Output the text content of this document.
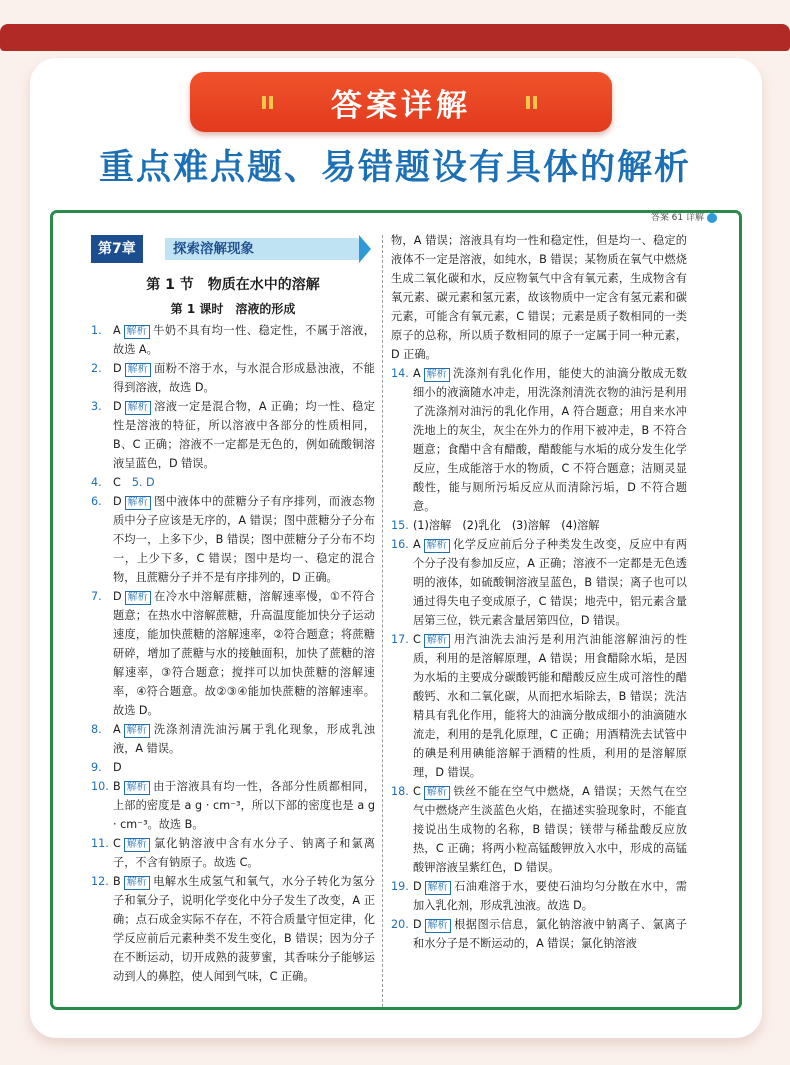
答案详解
重点难点题、易错题设有具体的解析
答案 61 详解
第7章	探索溶解现象
第 1 节　物质在水中的溶解
第 1 课时　溶液的形成
1.	A 解析 牛奶不具有均一性、稳定性，不属于溶液，故选 A。
2.	D 解析 面粉不溶于水，与水混合形成悬浊液，不能得到溶液，故选 D。
3.	D 解析 溶液一定是混合物，A 正确；均一性、稳定性是溶液的特征，所以溶液中各部分的性质相同，B、C 正确；溶液不一定都是无色的，例如硫酸铜溶液呈蓝色，D 错误。
4.	C 5. D
6.	D 解析 图中液体中的蔗糖分子有序排列，而液态物质中分子应该是无序的，A 错误；图中蔗糖分子分布不均一，上多下少，B 错误；图中蔗糖分子分布不均一，上少下多，C 错误；图中是均一、稳定的混合物，且蔗糖分子并不是有序排列的，D 正确。
7.	D 解析 在冷水中溶解蔗糖，溶解速率慢，①不符合题意；在热水中溶解蔗糖，升高温度能加快分子运动速度，能加快蔗糖的溶解速率，②符合题意；将蔗糖研碎，增加了蔗糖与水的接触面积，加快了蔗糖的溶解速率，③符合题意；搅拌可以加快蔗糖的溶解速率，④符合题意。故②③④能加快蔗糖的溶解速率。故选 D。
8.	A 解析 洗涤剂清洗油污属于乳化现象，形成乳浊液，A 错误。
9.	D
10. B 解析 由于溶液具有均一性，各部分性质都相同，上部的密度是 a g · cm⁻³，所以下部的密度也是 a g · cm⁻³。故选 B。
11. C 解析 氯化钠溶液中含有水分子、钠离子和氯离子，不含有钠原子。故选 C。
12. B 解析 电解水生成氢气和氧气，水分子转化为氢分子和氧分子，说明化学变化中分子发生了改变，A 正确；点石成金实际不存在，不符合质量守恒定律，化学反应前后元素种类不发生变化，B 错误；因为分子在不断运动，切开成熟的菠萝蜜，其香味分子能够运动到人的鼻腔，使人闻到气味，C 正确。
物，A 错误；溶液具有均一性和稳定性，但是均一、稳定的液体不一定是溶液，如纯水，B 错误；某物质在氧气中燃烧生成二氧化碳和水，反应物氧气中含有氧元素，生成物含有氧元素、碳元素和氢元素，故该物质中一定含有氢元素和碳元素，可能含有氧元素，C 错误；元素是质子数相同的一类原子的总称，所以质子数相同的原子一定属于同一种元素，D 正确。
14. A 解析 洗涤剂有乳化作用，能使大的油滴分散成无数细小的液滴随水冲走，用洗涤剂清洗衣物的油污是利用了洗涤剂对油污的乳化作用，A 符合题意；用自来水冲洗地上的灰尘，灰尘在外力的作用下被冲走，B 不符合题意；食醋中含有醋酸，醋酸能与水垢的成分发生化学反应，生成能溶于水的物质，C 不符合题意；洁厕灵显酸性，能与厕所污垢反应从而清除污垢，D 不符合题意。
15. (1)溶解　(2)乳化　(3)溶解　(4)溶解
16. A 解析 化学反应前后分子种类发生改变，反应中有两个分子没有参加反应，A 正确；溶液不一定都是无色透明的液体，如硫酸铜溶液呈蓝色，B 错误；离子也可以通过得失电子变成原子，C 错误；地壳中，铝元素含量居第三位，铁元素含量居第四位，D 错误。
17. C 解析 用汽油洗去油污是利用汽油能溶解油污的性质，利用的是溶解原理，A 错误；用食醋除水垢，是因为水垢的主要成分碳酸钙能和醋酸反应生成可溶性的醋酸钙、水和二氧化碳，从而把水垢除去，B 错误；洗洁精具有乳化作用，能将大的油滴分散成细小的油滴随水流走，利用的是乳化原理，C 正确；用酒精洗去试管中的碘是利用碘能溶解于酒精的性质，利用的是溶解原理，D 错误。
18. C 解析 铁丝不能在空气中燃烧，A 错误；天然气在空气中燃烧产生淡蓝色火焰，在描述实验现象时，不能直接说出生成物的名称，B 错误；镁带与稀盐酸反应放热，C 正确；将两小粒高锰酸钾放入水中，形成的高锰酸钾溶液呈紫红色，D 错误。
19. D 解析 石油难溶于水，要使石油均匀分散在水中，需加入乳化剂，形成乳浊液。故选 D。
20. D 解析 根据图示信息，氯化钠溶液中钠离子、氯离子和水分子是不断运动的，A 错误；氯化钠溶液
